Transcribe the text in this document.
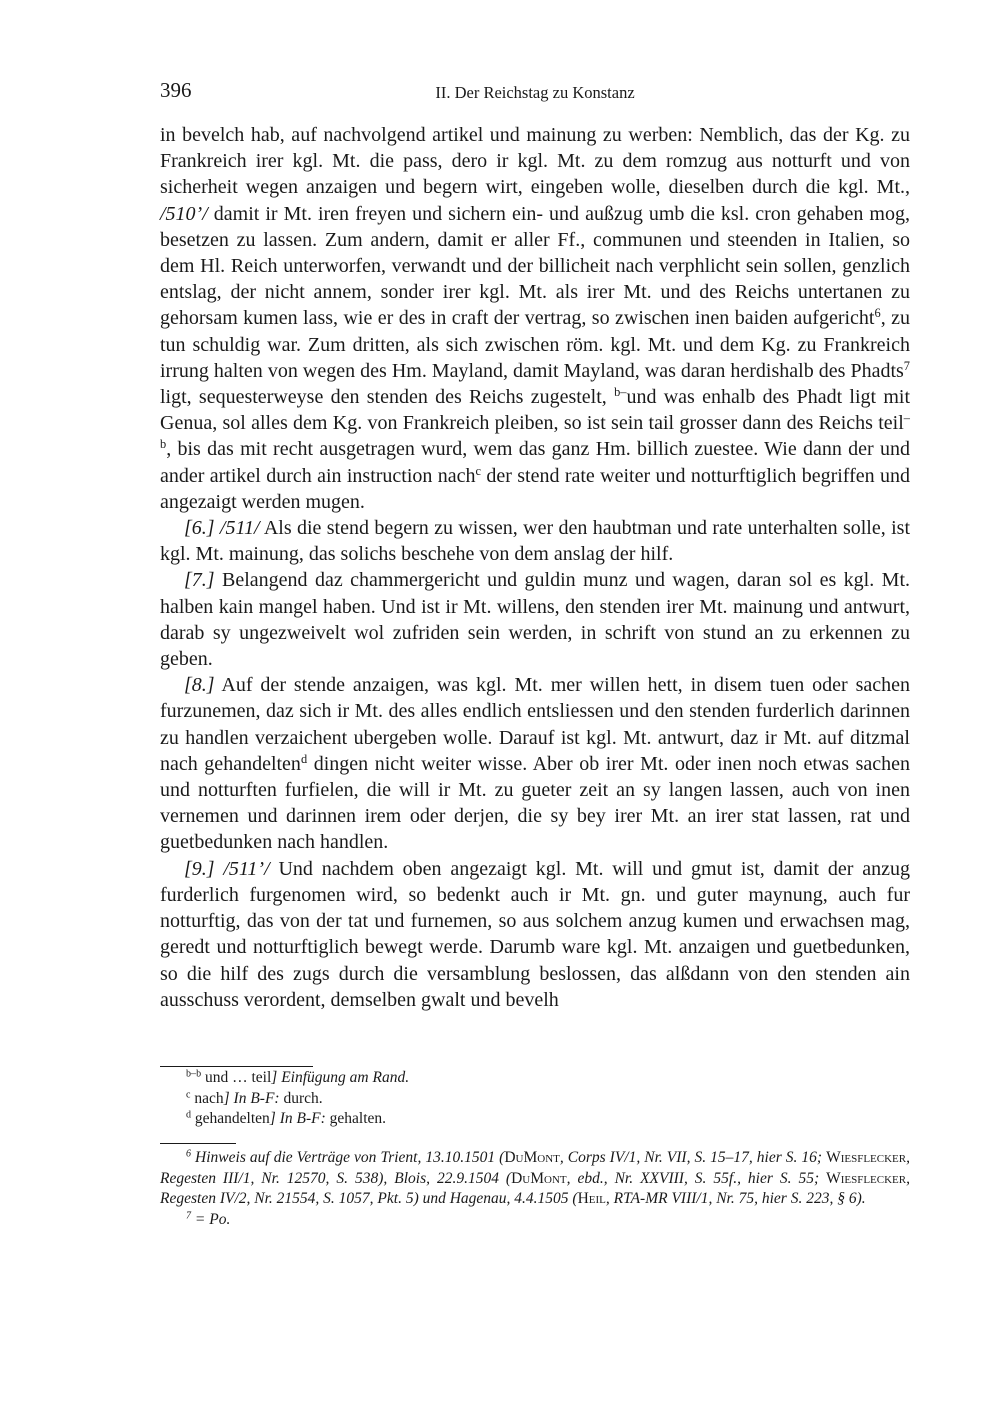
396	II. Der Reichstag zu Konstanz

in bevelch hab, auf nachvolgend artikel und mainung zu werben: Nemblich, das der Kg. zu Frankreich irer kgl. Mt. die pass, dero ir kgl. Mt. zu dem romzug aus notturft und von sicherheit wegen anzaigen und begern wirt, eingeben wolle, dieselben durch die kgl. Mt., /510’/ damit ir Mt. iren freyen und sichern ein- und außzug umb die ksl. cron gehaben mog, besetzen zu lassen. Zum andern, damit er aller Ff., communen und steenden in Italien, so dem Hl. Reich unterworfen, verwandt und der billicheit nach verphlicht sein sollen, genzlich entslag, der nicht annem, sonder irer kgl. Mt. als irer Mt. und des Reichs untertanen zu gehorsam kumen lass, wie er des in craft der vertrag, so zwischen inen baiden aufgericht$^6$, zu tun schuldig war. Zum dritten, als sich zwischen röm. kgl. Mt. und dem Kg. zu Frankreich irrung halten von wegen des Hm. Mayland, damit Mayland, was daran herdishalb des Phadts$^7$ ligt, sequesterweyse den stenden des Reichs zugestelt, $^{b-}$und was enhalb des Phadt ligt mit Genua, sol alles dem Kg. von Frankreich pleiben, so ist sein tail grosser dann des Reichs teil$^{-b}$, bis das mit recht ausgetragen wurd, wem das ganz Hm. billich zuestee. Wie dann der und ander artikel durch ain instruction nach$^c$ der stend rate weiter und notturftiglich begriffen und angezaigt werden mugen.

[6.] /511/ Als die stend begern zu wissen, wer den haubtman und rate unterhalten solle, ist kgl. Mt. mainung, das solichs beschehe von dem anslag der hilf.

[7.] Belangend daz chammergericht und guldin munz und wagen, daran sol es kgl. Mt. halben kain mangel haben. Und ist ir Mt. willens, den stenden irer Mt. mainung und antwurt, darab sy ungezweivelt wol zufriden sein werden, in schrift von stund an zu erkennen zu geben.

[8.] Auf der stende anzaigen, was kgl. Mt. mer willen hett, in disem tuen oder sachen furzunemen, daz sich ir Mt. des alles endlich entsliessen und den stenden furderlich darinnen zu handlen verzaichent ubergeben wolle. Darauf ist kgl. Mt. antwurt, daz ir Mt. auf ditzmal nach gehandelten$^d$ dingen nicht weiter wisse. Aber ob irer Mt. oder inen noch etwas sachen und notturften furfielen, die will ir Mt. zu gueter zeit an sy langen lassen, auch von inen vernemen und darinnen irem oder derjen, die sy bey irer Mt. an irer stat lassen, rat und guetbedunken nach handlen.

[9.] /511’/ Und nachdem oben angezaigt kgl. Mt. will und gmut ist, damit der anzug furderlich furgenomen wird, so bedenkt auch ir Mt. gn. und guter maynung, auch fur notturftig, das von der tat und furnemen, so aus solchem anzug kumen und erwachsen mag, geredt und notturftiglich bewegt werde. Darumb ware kgl. Mt. anzaigen und guetbedunken, so die hilf des zugs durch die versamblung beslossen, das alßdann von den stenden ain ausschuss verordent, demselben gwalt und bevelh

$^{b-b}$ und … teil] Einfügung am Rand.

$^c$ nach] In B-F: durch.

$^d$ gehandelten] In B-F: gehalten.

$^6$ Hinweis auf die Verträge von Trient, 13.10.1501 (DuMont, Corps IV/1, Nr. VII, S. 15–17, hier S. 16; Wiesflecker, Regesten III/1, Nr. 12570, S. 538), Blois, 22.9.1504 (DuMont, ebd., Nr. XXVIII, S. 55f., hier S. 55; Wiesflecker, Regesten IV/2, Nr. 21554, S. 1057, Pkt. 5) und Hagenau, 4.4.1505 (Heil, RTA-MR VIII/1, Nr. 75, hier S. 223, § 6).

$^7$ = Po.
